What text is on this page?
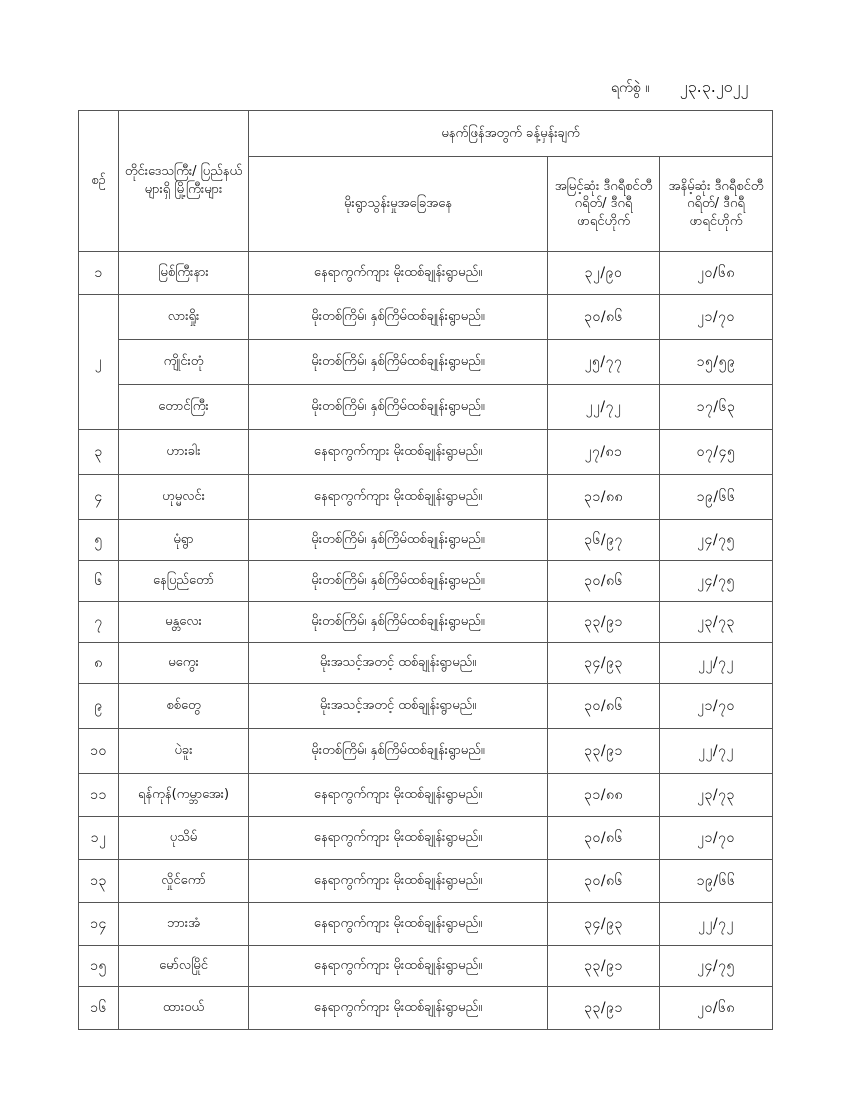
ရက်စွဲ ။ ၂၃.၃.၂၀၂၂
စဉ်	တိုင်းဒေသကြီး/ ပြည်နယ်များရှိ မြို့ကြီးများ	မနက်ဖြန်အတွက် ခန့်မှန်းချက်		
		မိုးရွာသွန်းမှုအခြေအနေ	အမြင့်ဆုံး ဒီဂရီစင်တီဂရိတ်/ ဒီဂရီဖာရင်ဟိုက်	အနိမ့်ဆုံး ဒီဂရီစင်တီဂရိတ်/ ဒီဂရီဖာရင်ဟိုက်
၁	မြစ်ကြီးနား	နေရာကွက်ကျား မိုးထစ်ချုန်းရွာမည်။	၃၂/၉၀	၂၀/၆၈
၂	လားရှိုး	မိုးတစ်ကြိမ်၊ နှစ်ကြိမ်ထစ်ချုန်းရွာမည်။	၃၀/၈၆	၂၁/၇၀
	ကျိုင်းတုံ	မိုးတစ်ကြိမ်၊ နှစ်ကြိမ်ထစ်ချုန်းရွာမည်။	၂၅/၇၇	၁၅/၅၉
	တောင်ကြီး	မိုးတစ်ကြိမ်၊ နှစ်ကြိမ်ထစ်ချုန်းရွာမည်။	၂၂/၇၂	၁၇/၆၃
၃	ဟားခါး	နေရာကွက်ကျား မိုးထစ်ချုန်းရွာမည်။	၂၇/၈၁	၀၇/၄၅
၄	ဟုမ္မလင်း	နေရာကွက်ကျား မိုးထစ်ချုန်းရွာမည်။	၃၁/၈၈	၁၉/၆၆
၅	မုံရွာ	မိုးတစ်ကြိမ်၊ နှစ်ကြိမ်ထစ်ချုန်းရွာမည်။	၃၆/၉၇	၂၄/၇၅
၆	နေပြည်တော်	မိုးတစ်ကြိမ်၊ နှစ်ကြိမ်ထစ်ချုန်းရွာမည်။	၃၀/၈၆	၂၄/၇၅
၇	မန္တလေး	မိုးတစ်ကြိမ်၊ နှစ်ကြိမ်ထစ်ချုန်းရွာမည်။	၃၃/၉၁	၂၃/၇၃
၈	မကွေး	မိုးအသင့်အတင့် ထစ်ချုန်းရွာမည်။	၃၄/၉၃	၂၂/၇၂
၉	စစ်တွေ	မိုးအသင့်အတင့် ထစ်ချုန်းရွာမည်။	၃၀/၈၆	၂၁/၇၀
၁၀	ပဲခူး	မိုးတစ်ကြိမ်၊ နှစ်ကြိမ်ထစ်ချုန်းရွာမည်။	၃၃/၉၁	၂၂/၇၂
၁၁	ရန်ကုန်(ကမ္ဘာအေး)	နေရာကွက်ကျား မိုးထစ်ချုန်းရွာမည်။	၃၁/၈၈	၂၃/၇၃
၁၂	ပုသိမ်	နေရာကွက်ကျား မိုးထစ်ချုန်းရွာမည်။	၃၀/၈၆	၂၁/၇၀
၁၃	လှိုင်ကော်	နေရာကွက်ကျား မိုးထစ်ချုန်းရွာမည်။	၃၀/၈၆	၁၉/၆၆
၁၄	ဘားအံ	နေရာကွက်ကျား မိုးထစ်ချုန်းရွာမည်။	၃၄/၉၃	၂၂/၇၂
၁၅	မော်လမြိုင်	နေရာကွက်ကျား မိုးထစ်ချုန်းရွာမည်။	၃၃/၉၁	၂၄/၇၅
၁၆	ထားဝယ်	နေရာကွက်ကျား မိုးထစ်ချုန်းရွာမည်။	၃၃/၉၁	၂၀/၆၈
